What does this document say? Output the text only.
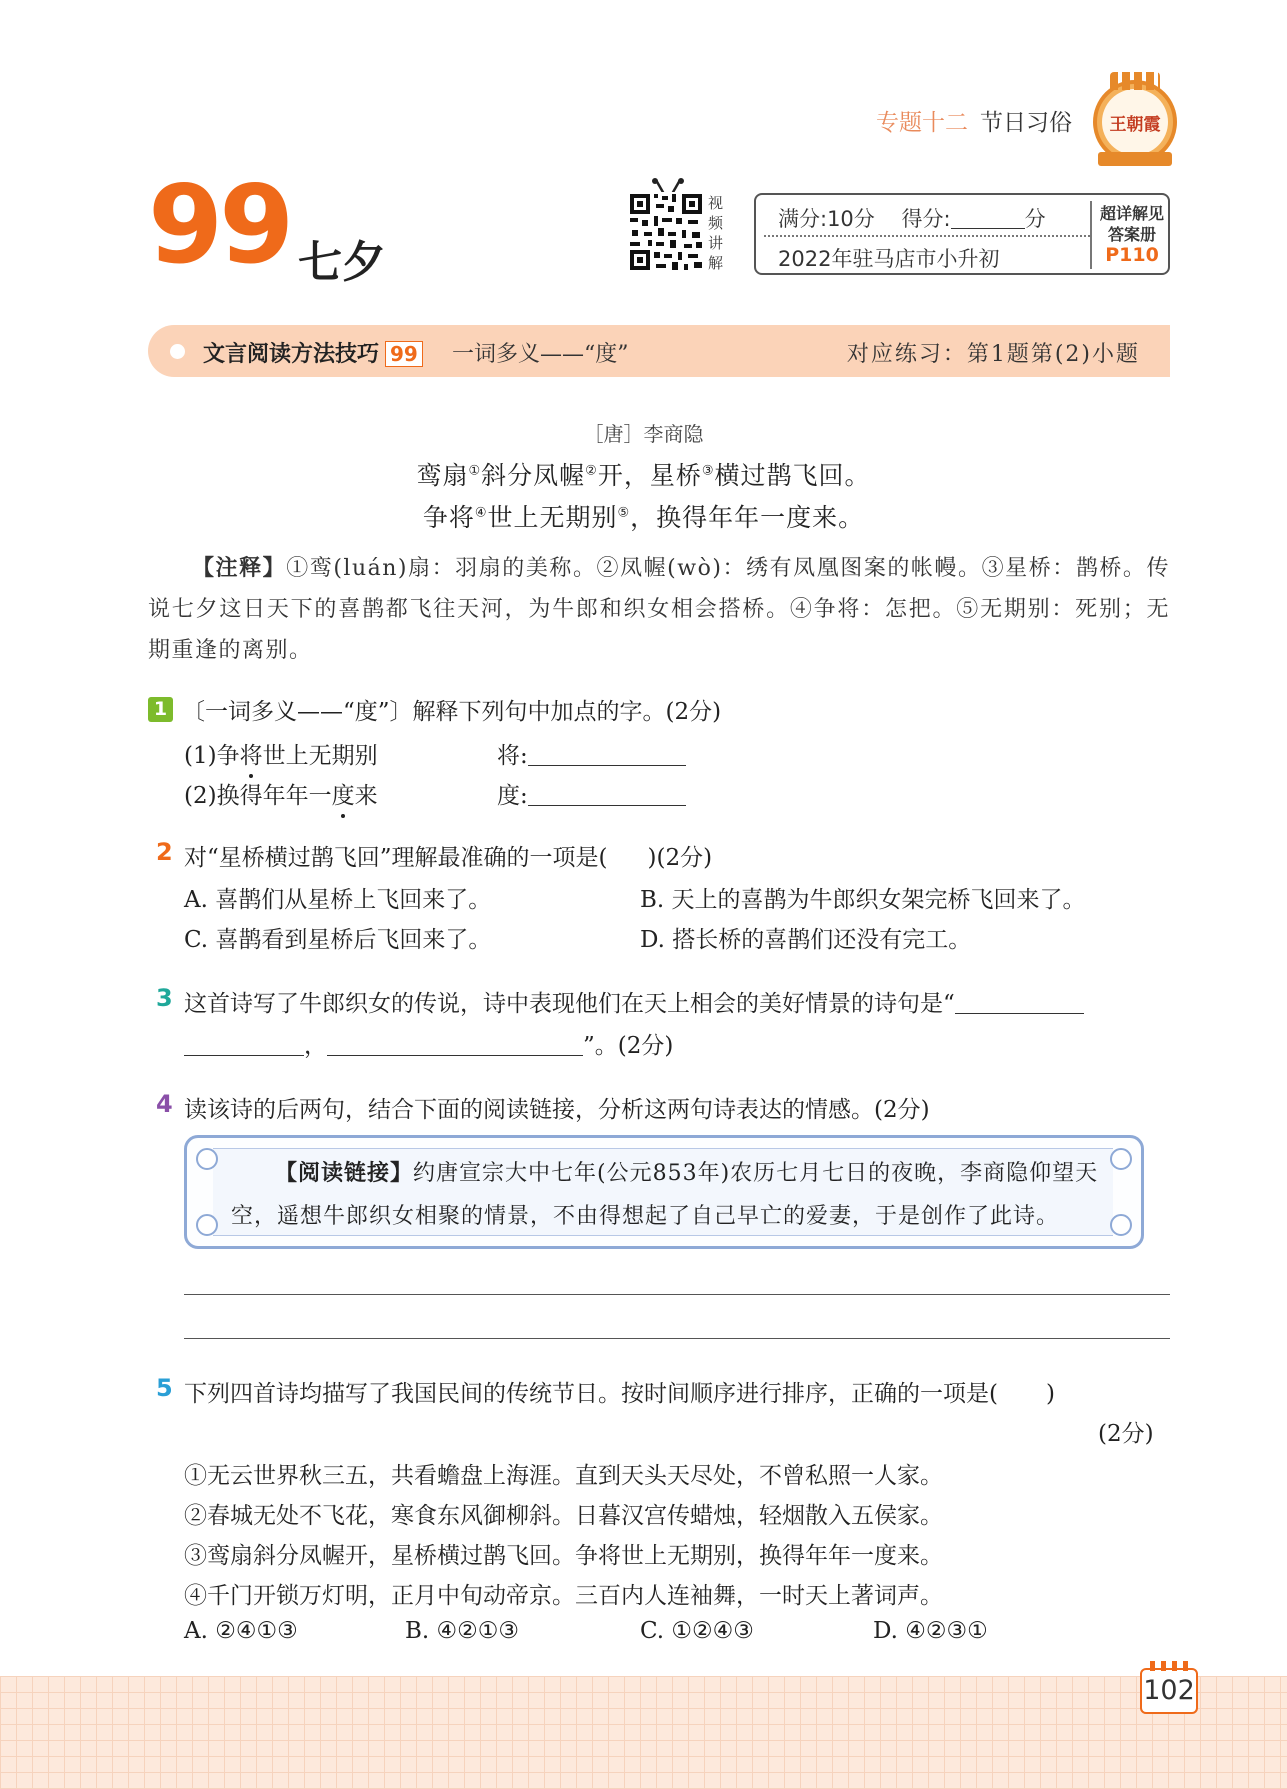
专题十二 节日习俗	王朝霞
99 七夕
视频讲解
满分:10分 得分:	分
2022年驻马店市小升初
超详解见
答案册
P110
文言阅读方法技巧 99 一词多义——“度”	对应练习：第1题第(2)小题
［唐］李商隐
鸾扇①斜分凤幄②开，星桥③横过鹊飞回。
争将④世上无期别⑤，换得年年一度来。
【注释】①鸾(luán)扇：羽扇的美称。②凤幄(wò)：绣有凤凰图案的帐幔。③星桥：鹊桥。传说七夕这日天下的喜鹊都飞往天河，为牛郎和织女相会搭桥。④争将：怎把。⑤无期别：死别；无期重逢的离别。
1 〔一词多义——“度”〕解释下列句中加点的字。(2分)
(1)争将世上无期别	将:
(2)换得年年一度来	度:
2 对“星桥横过鹊飞回”理解最准确的一项是( )(2分)
A. 喜鹊们从星桥上飞回来了。	B. 天上的喜鹊为牛郎织女架完桥飞回来了。
C. 喜鹊看到星桥后飞回来了。	D. 搭长桥的喜鹊们还没有完工。
3 这首诗写了牛郎织女的传说，诗中表现他们在天上相会的美好情景的诗句是“
，	”。(2分)
4 读该诗的后两句，结合下面的阅读链接，分析这两句诗表达的情感。(2分)
【阅读链接】约唐宣宗大中七年(公元853年)农历七月七日的夜晚，李商隐仰望天空，遥想牛郎织女相聚的情景，不由得想起了自己早亡的爱妻，于是创作了此诗。
5 下列四首诗均描写了我国民间的传统节日。按时间顺序进行排序，正确的一项是( )
(2分)
①无云世界秋三五，共看蟾盘上海涯。直到天头天尽处，不曾私照一人家。
②春城无处不飞花，寒食东风御柳斜。日暮汉宫传蜡烛，轻烟散入五侯家。
③鸾扇斜分凤幄开，星桥横过鹊飞回。争将世上无期别，换得年年一度来。
④千门开锁万灯明，正月中旬动帝京。三百内人连袖舞，一时天上著词声。
A. ②④①③	B. ④②①③	C. ①②④③	D. ④②③①
102
